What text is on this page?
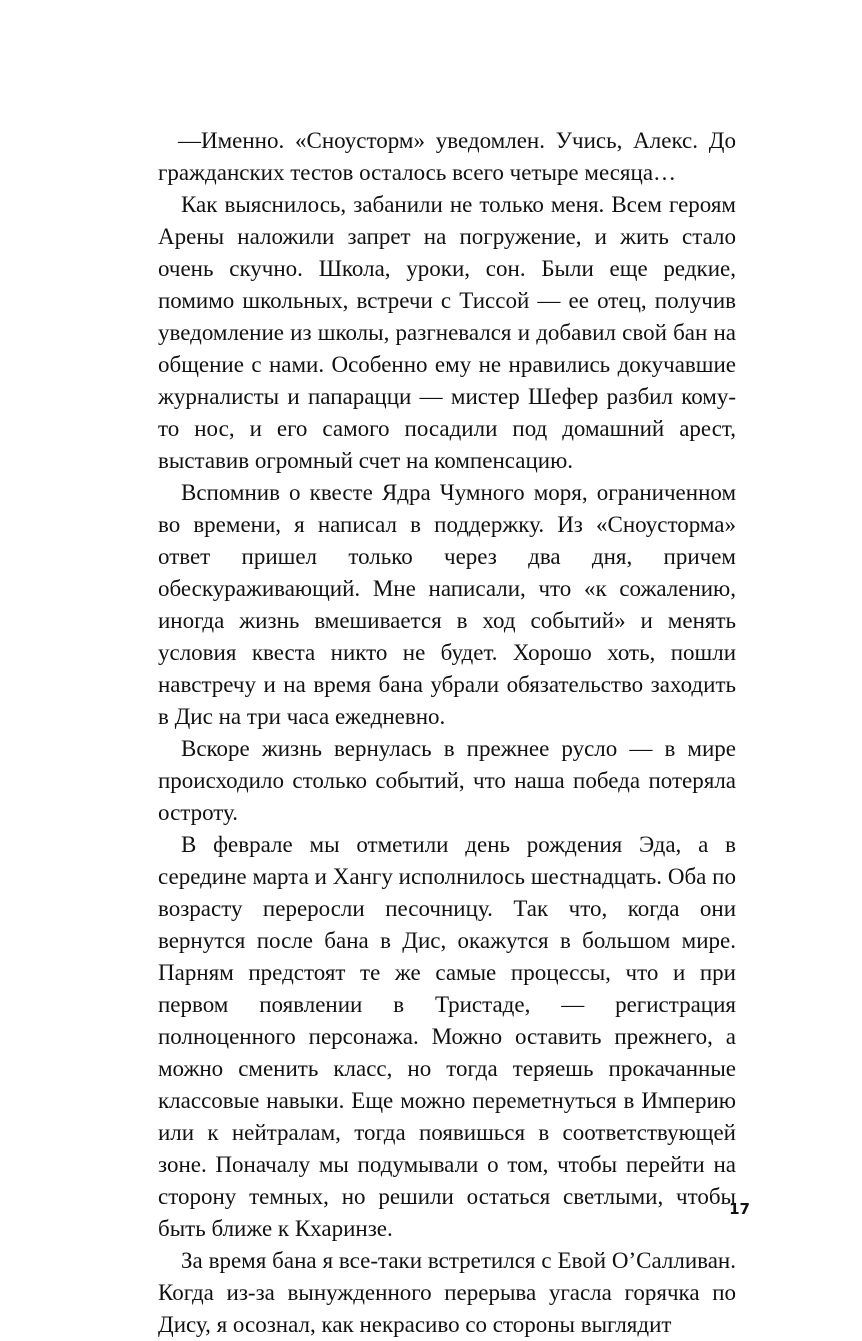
—Именно. «Сноусторм» уведомлен. Учись, Алекс. До гражданских тестов осталось всего четыре месяца…

Как выяснилось, забанили не только меня. Всем героям Арены наложили запрет на погружение, и жить стало очень скучно. Школа, уроки, сон. Были еще редкие, помимо школьных, встречи с Тиссой — ее отец, получив уведомление из школы, разгневался и добавил свой бан на общение с нами. Особенно ему не нравились докучавшие журналисты и папарацци — мистер Шефер разбил кому-то нос, и его самого посадили под домашний арест, выставив огромный счет на компенсацию.

Вспомнив о квесте Ядра Чумного моря, ограниченном во времени, я написал в поддержку. Из «Сноусторма» ответ пришел только через два дня, причем обескураживающий. Мне написали, что «к сожалению, иногда жизнь вмешивается в ход событий» и менять условия квеста никто не будет. Хорошо хоть, пошли навстречу и на время бана убрали обязательство заходить в Дис на три часа ежедневно.

Вскоре жизнь вернулась в прежнее русло — в мире происходило столько событий, что наша победа потеряла остроту.

В феврале мы отметили день рождения Эда, а в середине марта и Хангу исполнилось шестнадцать. Оба по возрасту переросли песочницу. Так что, когда они вернутся после бана в Дис, окажутся в большом мире. Парням предстоят те же самые процессы, что и при первом появлении в Тристаде, — регистрация полноценного персонажа. Можно оставить прежнего, а можно сменить класс, но тогда теряешь прокачанные классовые навыки. Еще можно переметнуться в Империю или к нейтралам, тогда появишься в соответствующей зоне. Поначалу мы подумывали о том, чтобы перейти на сторону темных, но решили остаться светлыми, чтобы быть ближе к Кхаринзе.

За время бана я все-таки встретился с Евой О’Салливан. Когда из-за вынужденного перерыва угасла горячка по Дису, я осознал, как некрасиво со стороны выглядит

17
